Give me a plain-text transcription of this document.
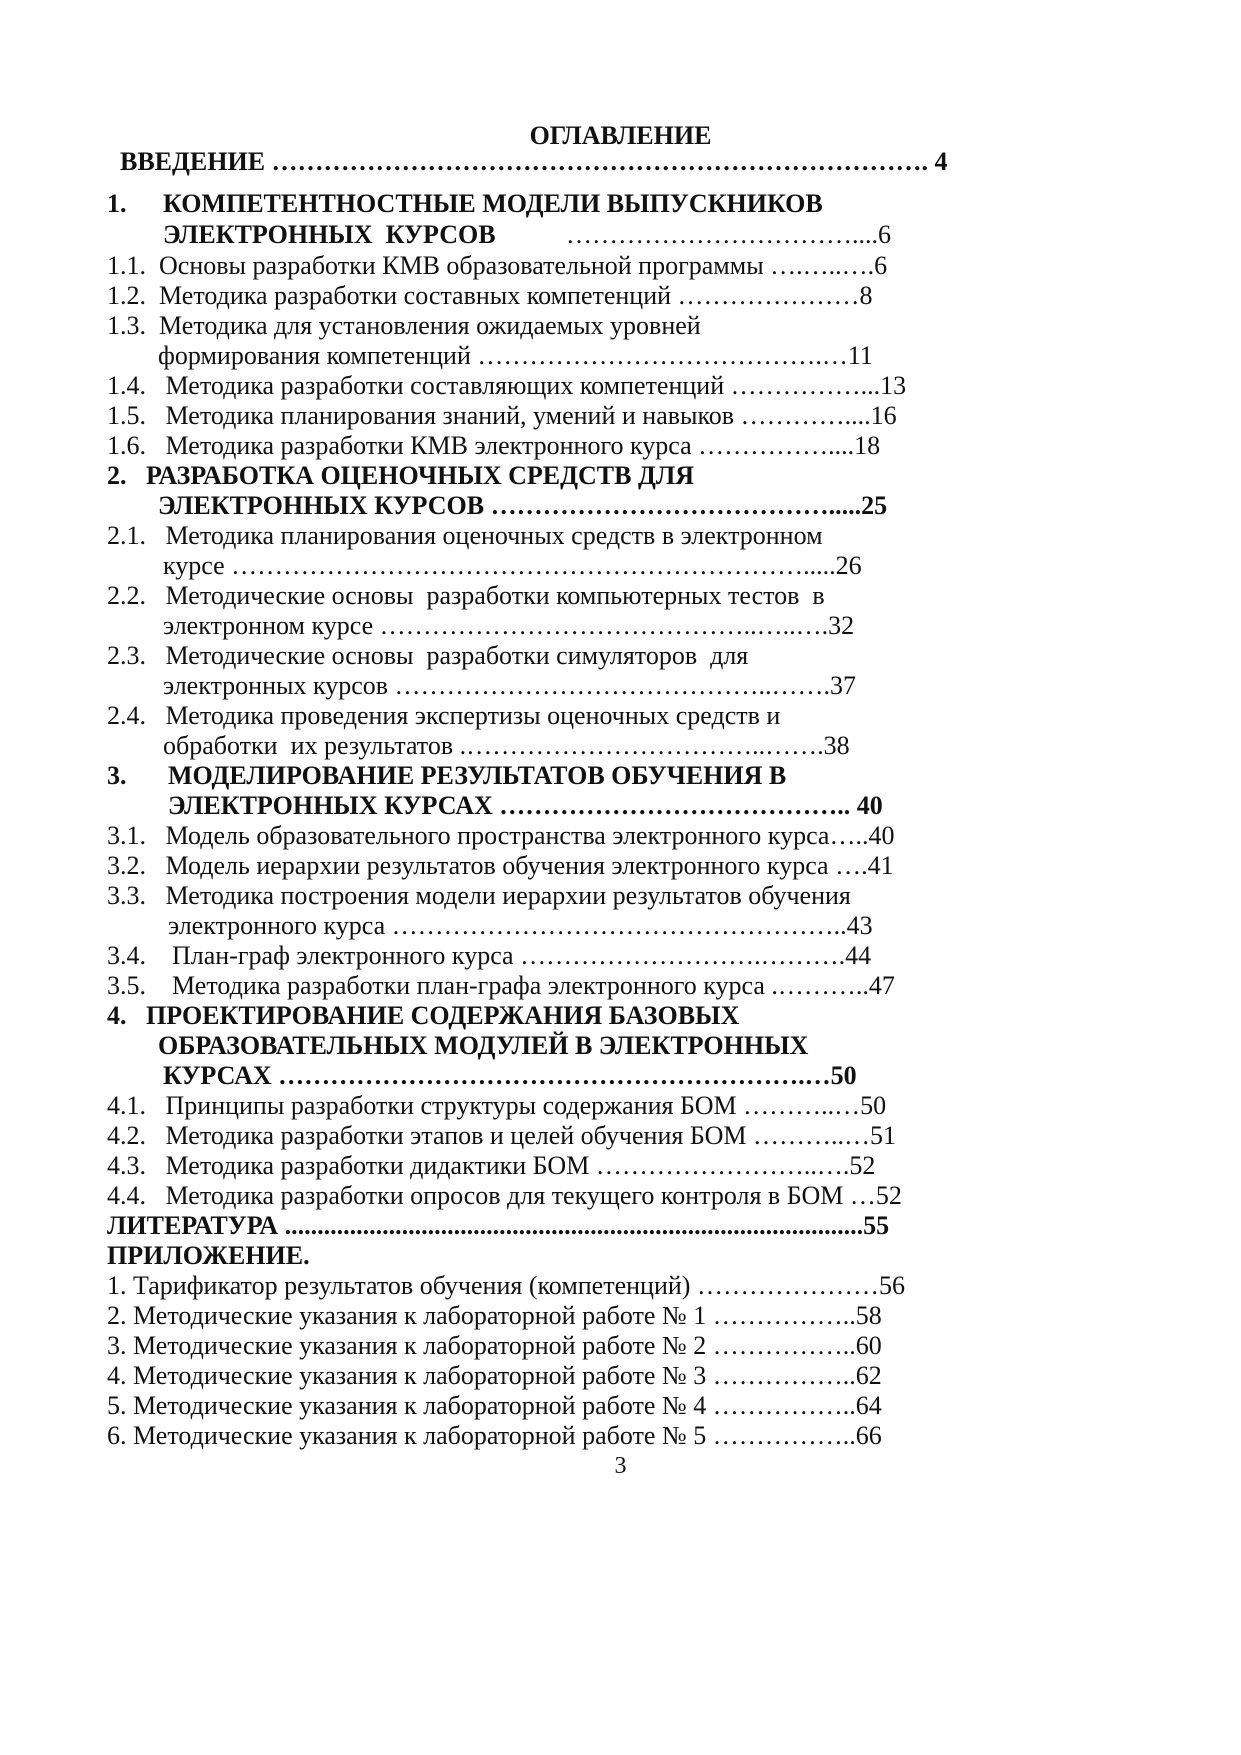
ОГЛАВЛЕНИЕ
ВВЕДЕНИЕ …………………………………………………………………. 4
1. КОМПЕТЕНТНОСТНЫЕ МОДЕЛИ ВЫПУСКНИКОВ
ЭЛЕКТРОННЫХ  КУРСОВ	……………………………....6
1.1.  Основы разработки КМВ образовательной программы ….…..….6
1.2.  Методика разработки составных компетенций …………………8
1.3.  Методика для установления ожидаемых уровней
формирования компетенций ………………………………….…11
1.4.   Методика разработки составляющих компетенций ……………...13
1.5.   Методика планирования знаний, умений и навыков …………....16
1.6.   Методика разработки КМВ электронного курса ……………....18
2.   РАЗРАБОТКА ОЦЕНОЧНЫХ СРЕДСТВ ДЛЯ
ЭЛЕКТРОННЫХ КУРСОВ ………………………………….....25
2.1.   Методика планирования оценочных средств в электронном
курсе ………………………………………………………….....26
2.2.   Методические основы  разработки компьютерных тестов  в
электронном курсе ……………………………………..…..….32
2.3.   Методические основы  разработки симуляторов  для
электронных курсов ……………………………………..…….37
2.4.   Методика проведения экспертизы оценочных средств и
обработки  их результатов .……………………………..…….38
3. МОДЕЛИРОВАНИЕ РЕЗУЛЬТАТОВ ОБУЧЕНИЯ В
ЭЛЕКТРОННЫХ КУРСАХ ………………………………….. 40
3.1.   Модель образовательного пространства электронного курса…..40
3.2.   Модель иерархии результатов обучения электронного курса ….41
3.3.   Методика построения модели иерархии результатов обучения
электронного курса ……………………………………………..43
3.4.    План-граф электронного курса ……………………….……….44
3.5.    Методика разработки план-графа электронного курса .………..47
4.   ПРОЕКТИРОВАНИЕ СОДЕРЖАНИЯ БАЗОВЫХ
ОБРАЗОВАТЕЛЬНЫХ МОДУЛЕЙ В ЭЛЕКТРОННЫХ
КУРСАХ …………………………………………………….…50
4.1.   Принципы разработки структуры содержания БОМ ………..…50
4.2.   Методика разработки этапов и целей обучения БОМ ………..…51
4.3.   Методика разработки дидактики БОМ ……………………..….52
4.4.   Методика разработки опросов для текущего контроля в БОМ …52
ЛИТЕРАТУРА .........................................................................................55
ПРИЛОЖЕНИЕ.
1. Тарификатор результатов обучения (компетенций) …………………56
2. Методические указания к лабораторной работе № 1 ……………..58
3. Методические указания к лабораторной работе № 2 ……………..60
4. Методические указания к лабораторной работе № 3 ……………..62
5. Методические указания к лабораторной работе № 4 ……………..64
6. Методические указания к лабораторной работе № 5 ……………..66
3
